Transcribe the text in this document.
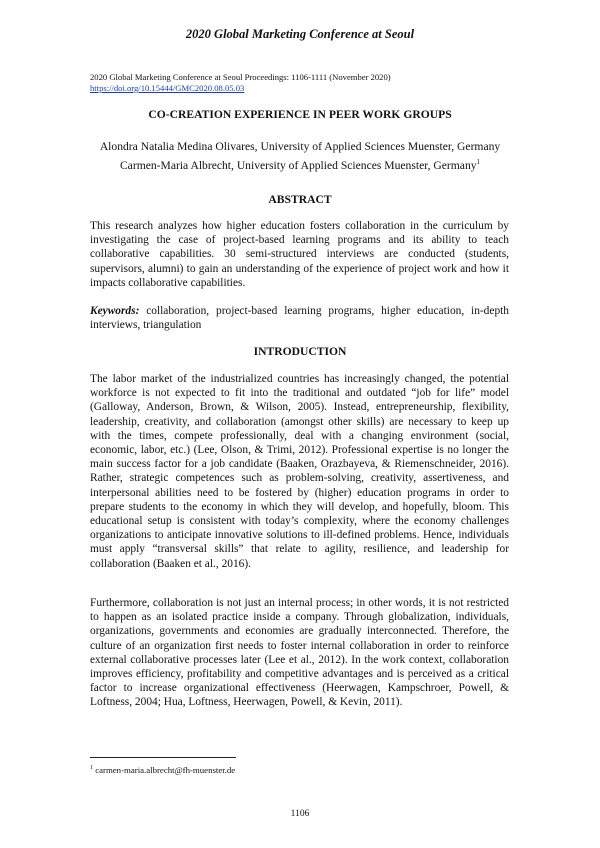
2020 Global Marketing Conference at Seoul
2020 Global Marketing Conference at Seoul Proceedings: 1106-1111 (November 2020)
https://doi.org/10.15444/GMC2020.08.05.03
CO-CREATION EXPERIENCE IN PEER WORK GROUPS
Alondra Natalia Medina Olivares, University of Applied Sciences Muenster, Germany
Carmen-Maria Albrecht, University of Applied Sciences Muenster, Germany$^1$
ABSTRACT
This research analyzes how higher education fosters collaboration in the curriculum by investigating the case of project-based learning programs and its ability to teach collaborative capabilities. 30 semi-structured interviews are conducted (students, supervisors, alumni) to gain an understanding of the experience of project work and how it impacts collaborative capabilities.
Keywords: collaboration, project-based learning programs, higher education, in-depth interviews, triangulation
INTRODUCTION
The labor market of the industrialized countries has increasingly changed, the potential workforce is not expected to fit into the traditional and outdated “job for life” model (Galloway, Anderson, Brown, & Wilson, 2005). Instead, entrepreneurship, flexibility, leadership, creativity, and collaboration (amongst other skills) are necessary to keep up with the times, compete professionally, deal with a changing environment (social, economic, labor, etc.) (Lee, Olson, & Trimi, 2012). Professional expertise is no longer the main success factor for a job candidate (Baaken, Orazbayeva, & Riemenschneider, 2016). Rather, strategic competences such as problem-solving, creativity, assertiveness, and interpersonal abilities need to be fostered by (higher) education programs in order to prepare students to the economy in which they will develop, and hopefully, bloom. This educational setup is consistent with today’s complexity, where the economy challenges organizations to anticipate innovative solutions to ill-defined problems. Hence, individuals must apply “transversal skills” that relate to agility, resilience, and leadership for collaboration (Baaken et al., 2016).
Furthermore, collaboration is not just an internal process; in other words, it is not restricted to happen as an isolated practice inside a company. Through globalization, individuals, organizations, governments and economies are gradually interconnected. Therefore, the culture of an organization first needs to foster internal collaboration in order to reinforce external collaborative processes later (Lee et al., 2012). In the work context, collaboration improves efficiency, profitability and competitive advantages and is perceived as a critical factor to increase organizational effectiveness (Heerwagen, Kampschroer, Powell, & Loftness, 2004; Hua, Loftness, Heerwagen, Powell, & Kevin, 2011).
$^1$ carmen-maria.albrecht@fh-muenster.de
1106
